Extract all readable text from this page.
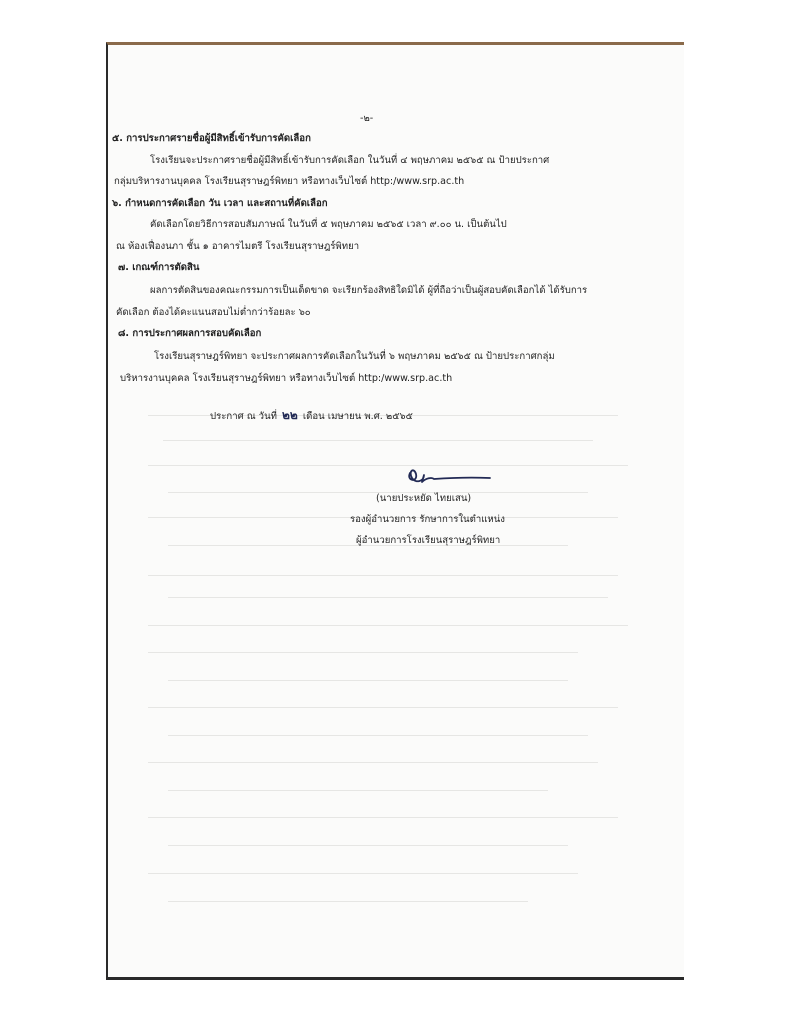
-๒-
๕. การประกาศรายชื่อผู้มีสิทธิ์เข้ารับการคัดเลือก
โรงเรียนจะประกาศรายชื่อผู้มีสิทธิ์เข้ารับการคัดเลือก ในวันที่ ๔ พฤษภาคม ๒๕๖๕ ณ ป้ายประกาศ
กลุ่มบริหารงานบุคคล โรงเรียนสุราษฎร์พิทยา หรือทางเว็บไซต์ http:/www.srp.ac.th
๖. กำหนดการคัดเลือก วัน เวลา และสถานที่คัดเลือก
คัดเลือกโดยวิธีการสอบสัมภาษณ์ ในวันที่ ๕ พฤษภาคม ๒๕๖๕ เวลา ๙.๐๐ น. เป็นต้นไป
ณ ห้องเฟื่องนภา ชั้น ๑ อาคารไมตรี โรงเรียนสุราษฎร์พิทยา
๗. เกณฑ์การตัดสิน
ผลการตัดสินของคณะกรรมการเป็นเด็ดขาด จะเรียกร้องสิทธิใดมิได้ ผู้ที่ถือว่าเป็นผู้สอบคัดเลือกได้ ได้รับการ
คัดเลือก ต้องได้คะแนนสอบไม่ต่ำกว่าร้อยละ ๖๐
๘. การประกาศผลการสอบคัดเลือก
โรงเรียนสุราษฎร์พิทยา จะประกาศผลการคัดเลือกในวันที่ ๖ พฤษภาคม ๒๕๖๕ ณ ป้ายประกาศกลุ่ม
บริหารงานบุคคล โรงเรียนสุราษฎร์พิทยา หรือทางเว็บไซต์ http:/www.srp.ac.th
ประกาศ ณ วันที่ ๒๒ เดือน เมษายน พ.ศ. ๒๕๖๕
(นายประหยัด ไทยเสน)
รองผู้อำนวยการ รักษาการในตำแหน่ง
ผู้อำนวยการโรงเรียนสุราษฎร์พิทยา
